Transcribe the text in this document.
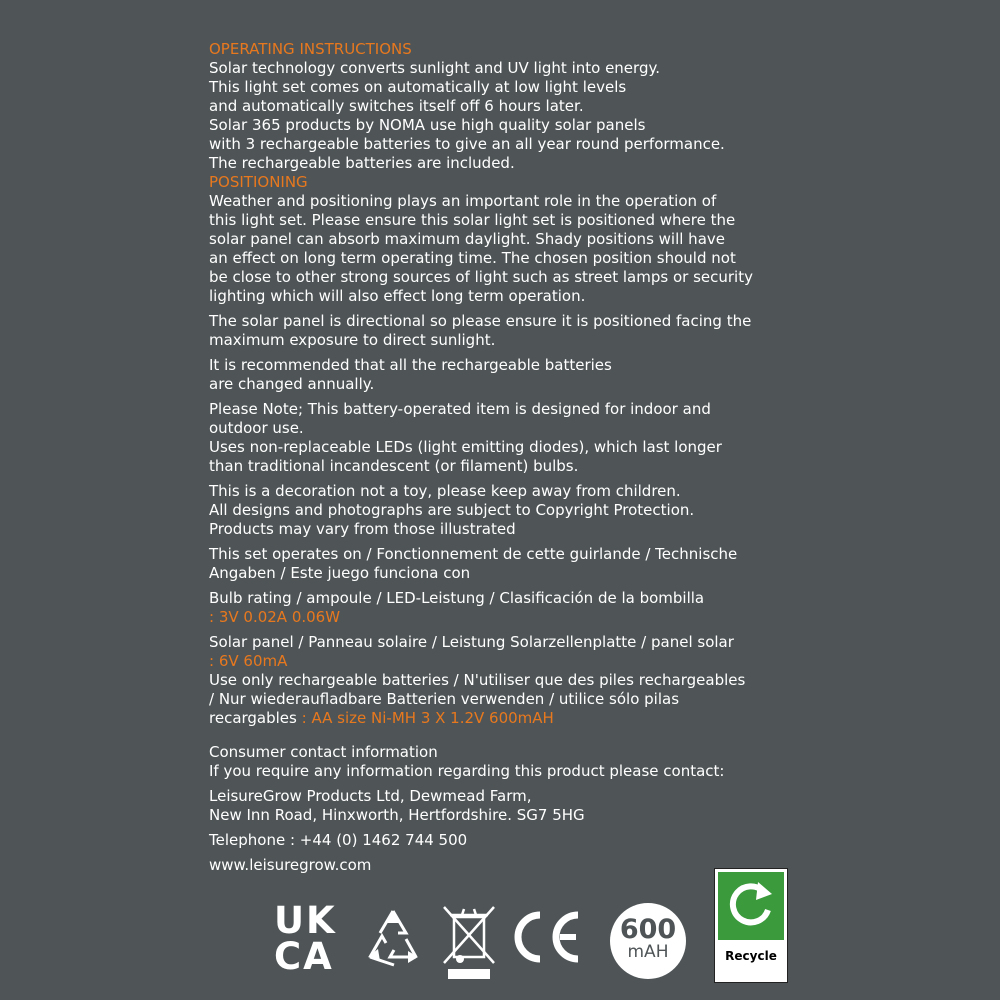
OPERATING INSTRUCTIONS

Solar technology converts sunlight and UV light into energy.
This light set comes on automatically at low light levels
and automatically switches itself off 6 hours later.
Solar 365 products by NOMA use high quality solar panels
with 3 rechargeable batteries to give an all year round performance.
The rechargeable batteries are included.

POSITIONING

Weather and positioning plays an important role in the operation of
this light set. Please ensure this solar light set is positioned where the
solar panel can absorb maximum daylight. Shady positions will have
an effect on long term operating time. The chosen position should not
be close to other strong sources of light such as street lamps or security
lighting which will also effect long term operation.

The solar panel is directional so please ensure it is positioned facing the
maximum exposure to direct sunlight.

It is recommended that all the rechargeable batteries
are changed annually.

Please Note; This battery-operated item is designed for indoor and
outdoor use.
Uses non-replaceable LEDs (light emitting diodes), which last longer
than traditional incandescent (or filament) bulbs.

This is a decoration not a toy, please keep away from children.
All designs and photographs are subject to Copyright Protection.
Products may vary from those illustrated

This set operates on / Fonctionnement de cette guirlande / Technische
Angaben / Este juego funciona con

Bulb rating / ampoule / LED-Leistung / Clasificación de la bombilla

: 3V 0.02A 0.06W

Solar panel / Panneau solaire / Leistung Solarzellenplatte / panel solar

: 6V 60mA

Use only rechargeable batteries / N'utiliser que des piles rechargeables
/ Nur wiederaufladbare Batterien verwenden / utilice sólo pilas
recargables : AA size Ni-MH 3 X 1.2V 600mAH

Consumer contact information

If you require any information regarding this product please contact:

LeisureGrow Products Ltd, Dewmead Farm,
New Inn Road, Hinxworth, Hertfordshire. SG7 5HG

Telephone : +44 (0) 1462 744 500

www.leisuregrow.com

UK
CA
600
mAH	Recycle
